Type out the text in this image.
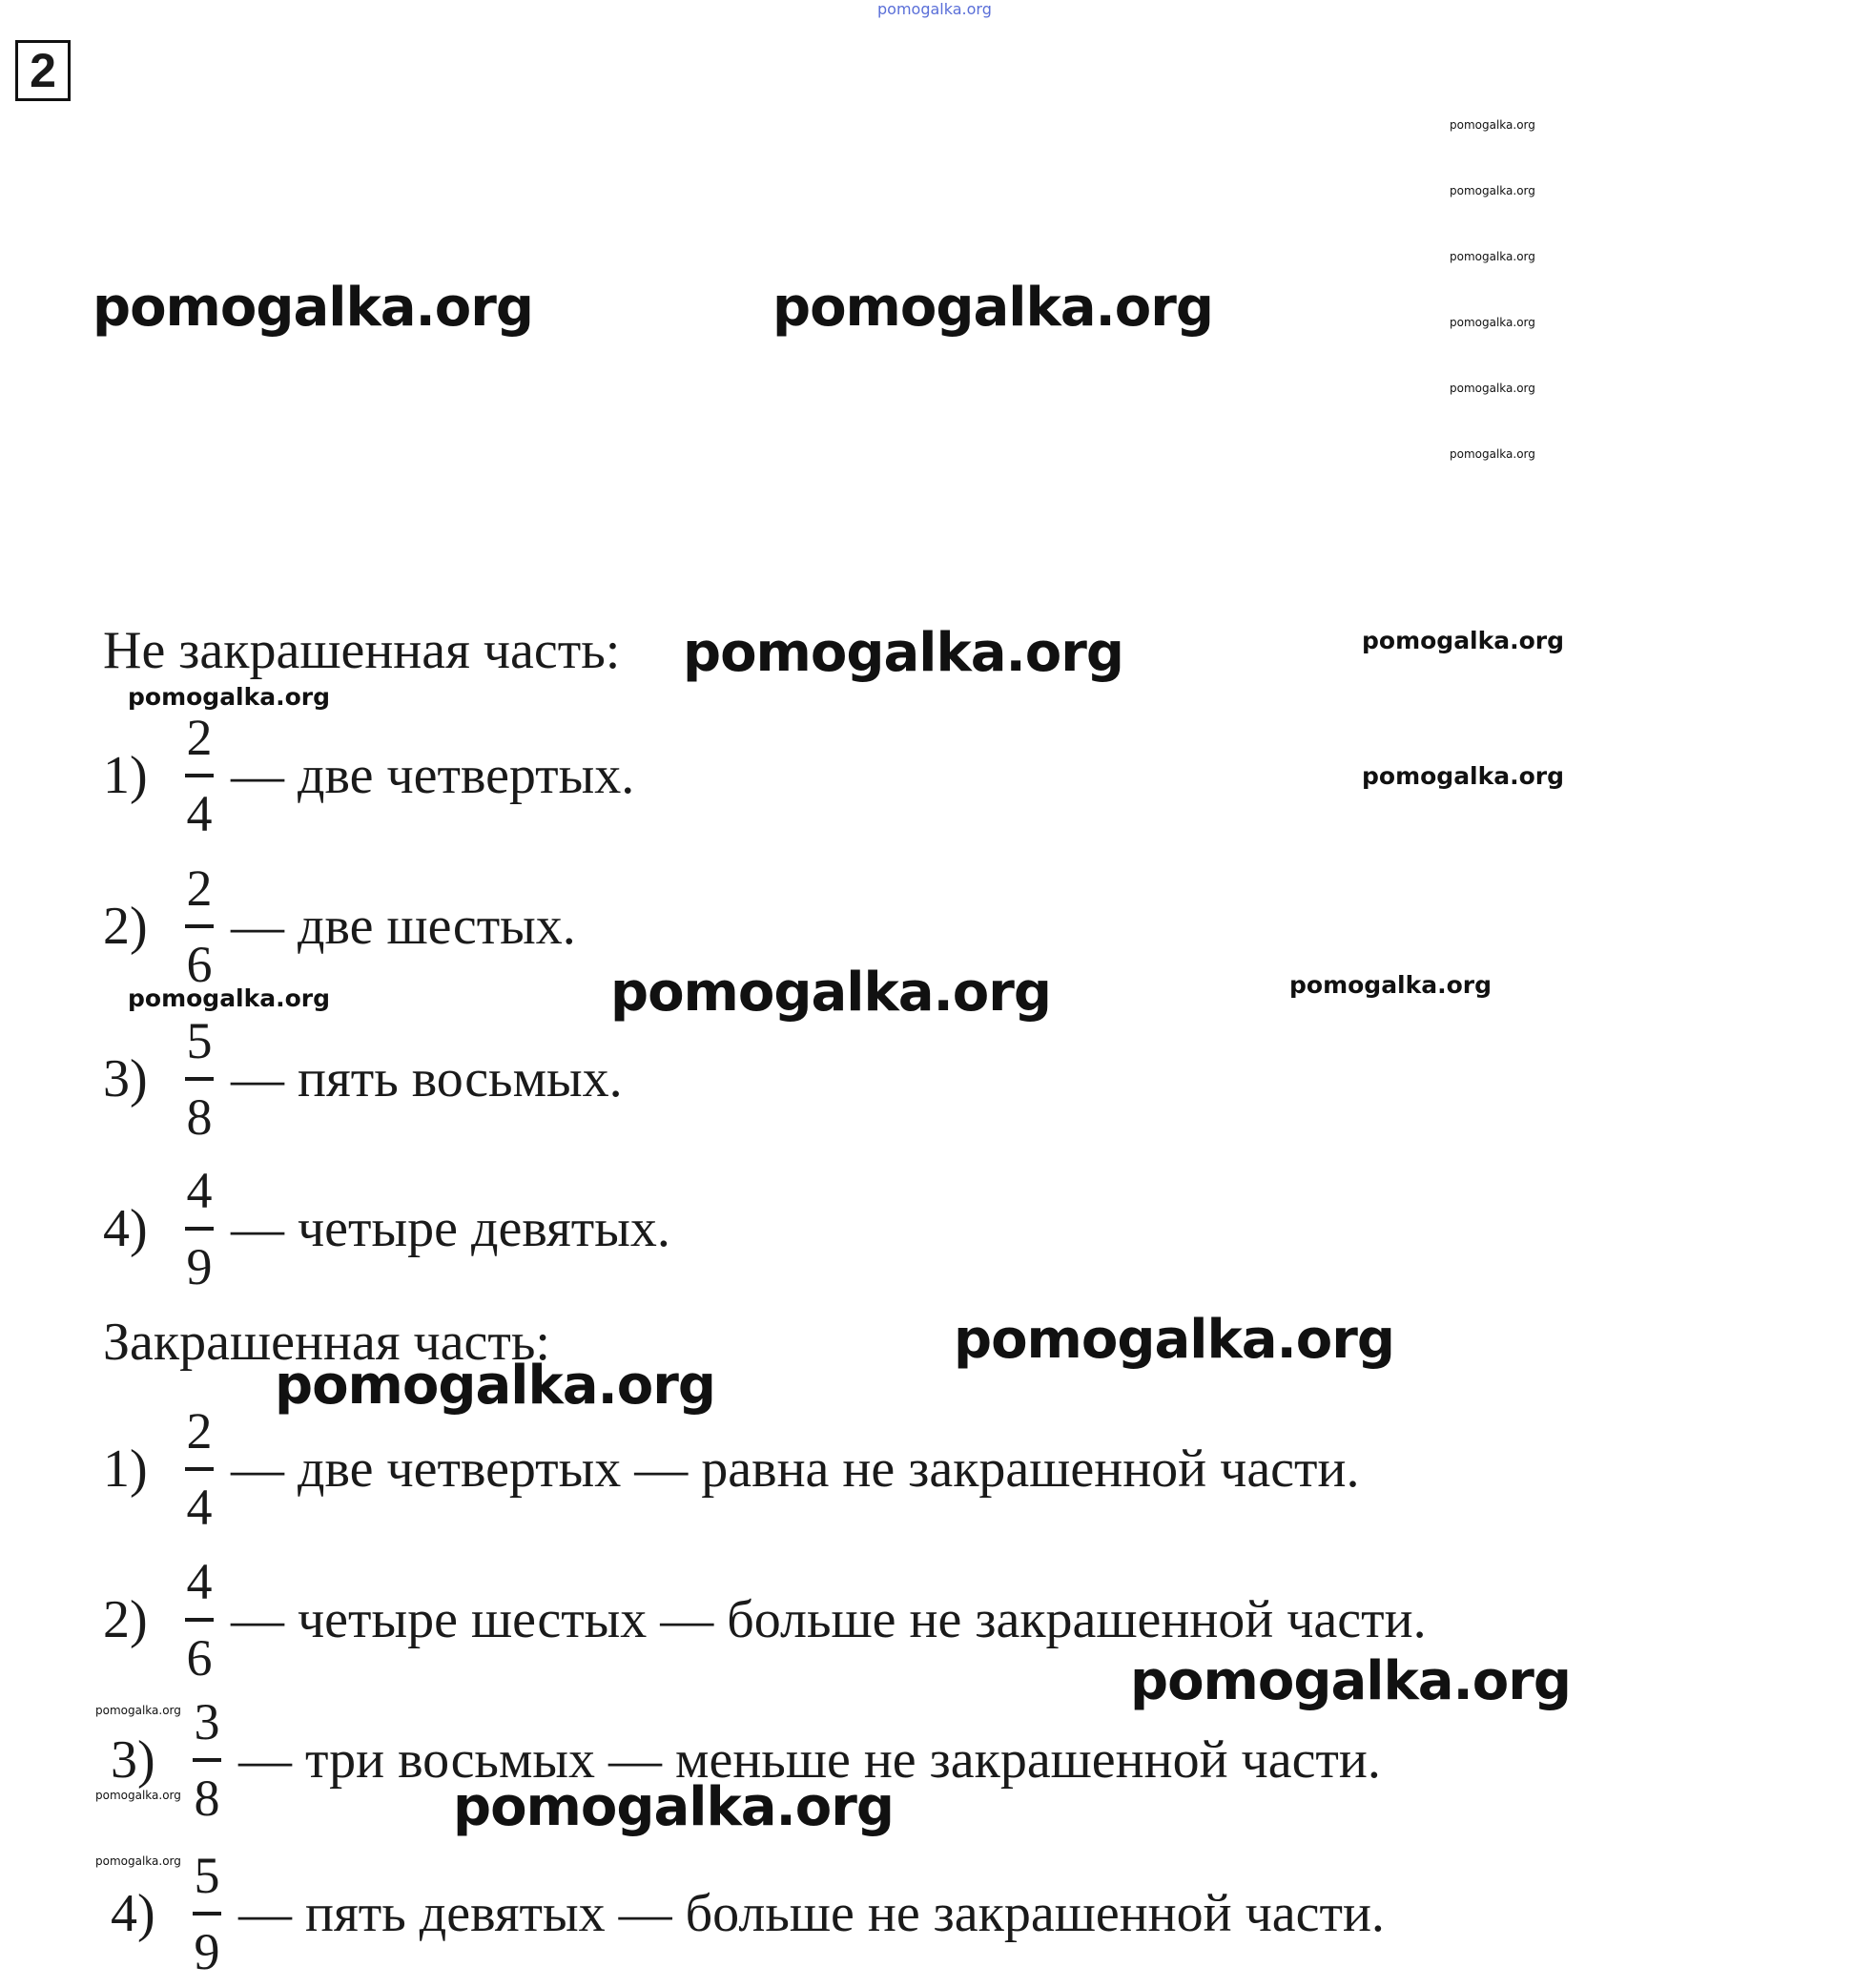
pomogalka.org
2
pomogalka.org
pomogalka.org
pomogalka.org
pomogalka.org
pomogalka.org
pomogalka.org
pomogalka.org	pomogalka.org
pomogalka.org
pomogalka.org
pomogalka.org
pomogalka.org
pomogalka.org
Не закрашенная часть: pomogalka.org
$1) \frac{2}{4}$ — две четвертых.
$2) \frac{2}{6}$ — две шестых.
pomogalka.org
$3) \frac{5}{8}$ — пять восьмых.
$4) \frac{4}{9}$ — четыре девятых.
Закрашенная часть:	pomogalka.org
pomogalka.org
$1) \frac{2}{4}$ — две четвертых — равна не закрашенной части.
$2) \frac{4}{6}$ — четыре шестых — больше не закрашенной части.
pomogalka.org
pomogalka.org
pomogalka.org
pomogalka.org
$3) \frac{3}{8}$ — три восьмых — меньше не закрашенной части.
pomogalka.org
$4) \frac{5}{9}$ — пять девятых — больше не закрашенной части.
